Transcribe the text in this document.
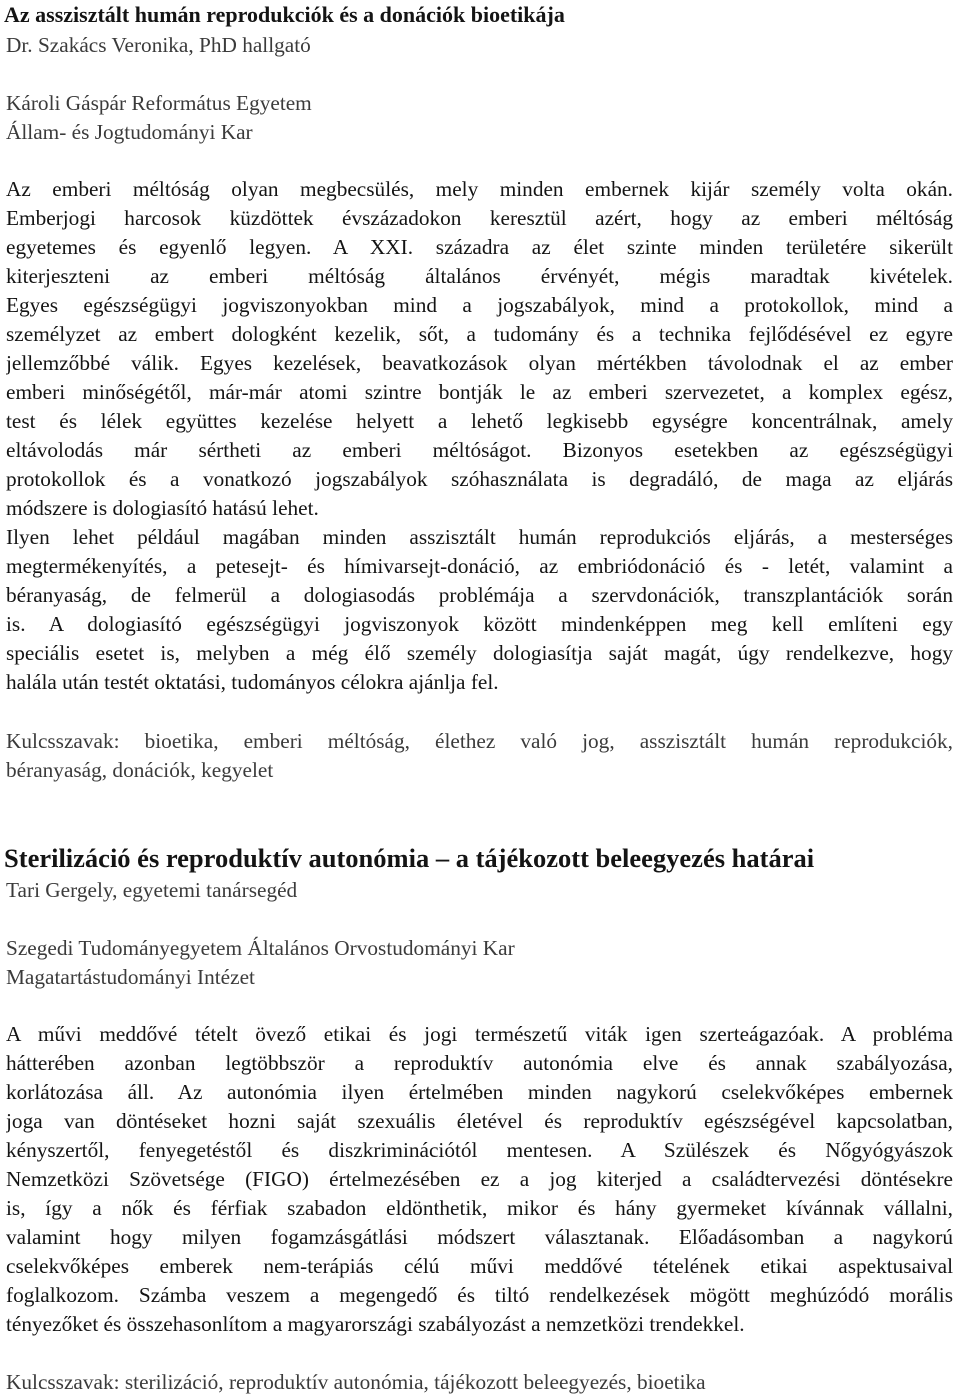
Az asszisztált humán reprodukciók és a donációk bioetikája
Dr. Szakács Veronika, PhD hallgató
Károli Gáspár Református Egyetem
Állam- és Jogtudományi Kar
Az emberi méltóság olyan megbecsülés, mely minden embernek kijár személy volta okán.
Emberjogi harcosok küzdöttek évszázadokon keresztül azért, hogy az emberi méltóság
egyetemes és egyenlő legyen. A XXI. századra az élet szinte minden területére sikerült
kiterjeszteni az emberi méltóság általános érvényét, mégis maradtak kivételek.
Egyes egészségügyi jogviszonyokban mind a jogszabályok, mind a protokollok, mind a
személyzet az embert dologként kezelik, sőt, a tudomány és a technika fejlődésével ez egyre
jellemzőbbé válik. Egyes kezelések, beavatkozások olyan mértékben távolodnak el az ember
emberi minőségétől, már-már atomi szintre bontják le az emberi szervezetet, a komplex egész,
test és lélek együttes kezelése helyett a lehető legkisebb egységre koncentrálnak, amely
eltávolodás már sértheti az emberi méltóságot. Bizonyos esetekben az egészségügyi
protokollok és a vonatkozó jogszabályok szóhasználata is degradáló, de maga az eljárás
módszere is dologiasító hatású lehet.
Ilyen lehet például magában minden asszisztált humán reprodukciós eljárás, a mesterséges
megtermékenyítés, a petesejt- és hímivarsejt-donáció, az embriódonáció és - letét, valamint a
béranyaság, de felmerül a dologiasodás problémája a szervdonációk, transzplantációk során
is. A dologiasító egészségügyi jogviszonyok között mindenképpen meg kell említeni egy
speciális esetet is, melyben a még élő személy dologiasítja saját magát, úgy rendelkezve, hogy
halála után testét oktatási, tudományos célokra ajánlja fel.
Kulcsszavak: bioetika, emberi méltóság, élethez való jog, asszisztált humán reprodukciók,
béranyaság, donációk, kegyelet
Sterilizáció és reproduktív autonómia – a tájékozott beleegyezés határai
Tari Gergely, egyetemi tanársegéd
Szegedi Tudományegyetem Általános Orvostudományi Kar
Magatartástudományi Intézet
A művi meddővé tételt övező etikai és jogi természetű viták igen szerteágazóak. A probléma
hátterében azonban legtöbbször a reproduktív autonómia elve és annak szabályozása,
korlátozása áll. Az autonómia ilyen értelmében minden nagykorú cselekvőképes embernek
joga van döntéseket hozni saját szexuális életével és reproduktív egészségével kapcsolatban,
kényszertől, fenyegetéstől és diszkriminációtól mentesen. A Szülészek és Nőgyógyászok
Nemzetközi Szövetsége (FIGO) értelmezésében ez a jog kiterjed a családtervezési döntésekre
is, így a nők és férfiak szabadon eldönthetik, mikor és hány gyermeket kívánnak vállalni,
valamint hogy milyen fogamzásgátlási módszert választanak. Előadásomban a nagykorú
cselekvőképes emberek nem-terápiás célú művi meddővé tételének etikai aspektusaival
foglalkozom. Számba veszem a megengedő és tiltó rendelkezések mögött meghúzódó morális
tényezőket és összehasonlítom a magyarországi szabályozást a nemzetközi trendekkel.
Kulcsszavak: sterilizáció, reproduktív autonómia, tájékozott beleegyezés, bioetika
